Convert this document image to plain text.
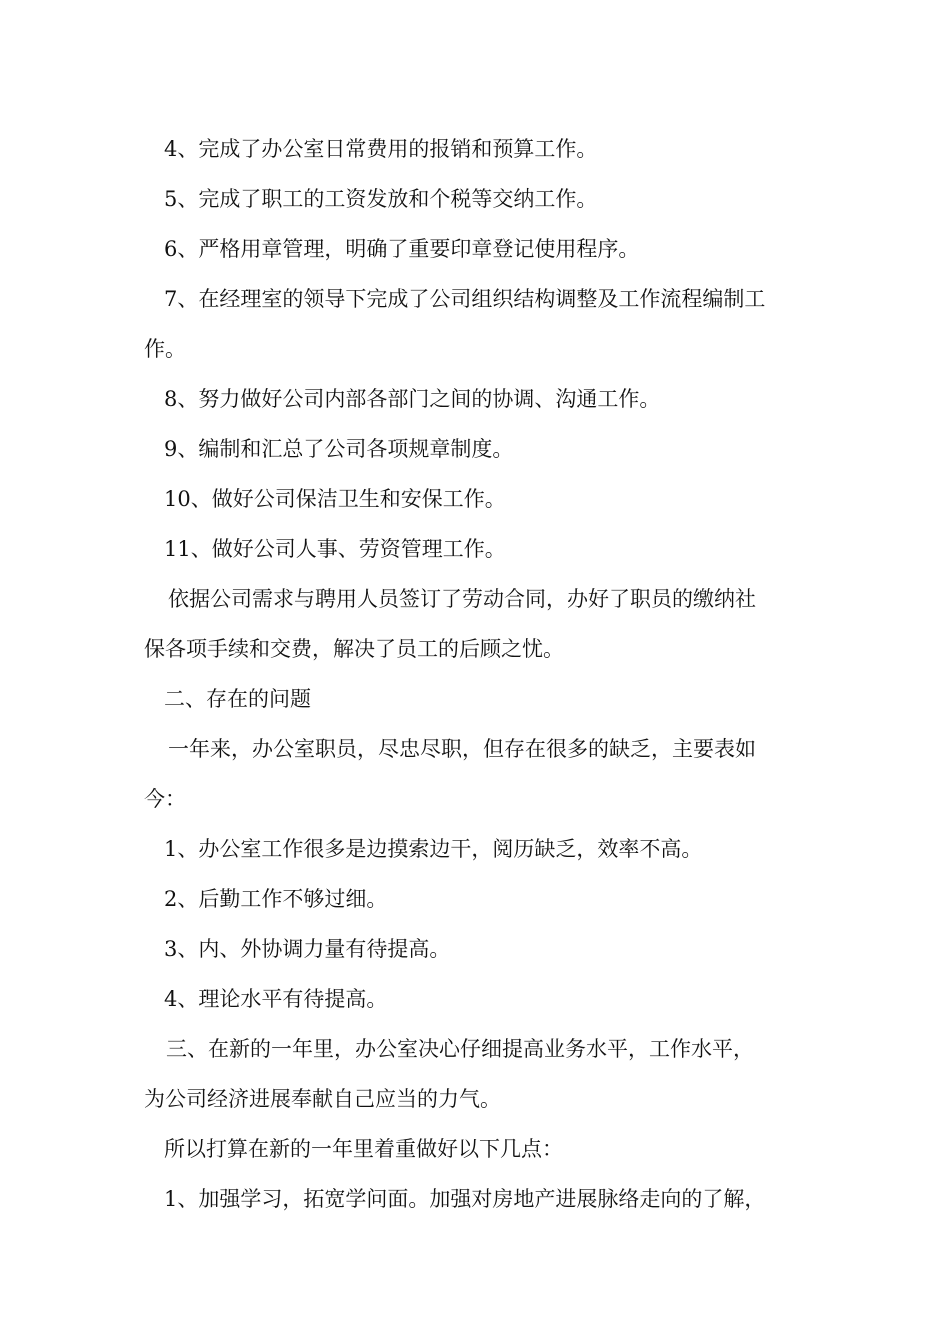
4、完成了办公室日常费用的报销和预算工作。

5、完成了职工的工资发放和个税等交纳工作。

6、严格用章管理，明确了重要印章登记使用程序。

7、在经理室的领导下完成了公司组织结构调整及工作流程编制工

作。

8、努力做好公司内部各部门之间的协调、沟通工作。

9、编制和汇总了公司各项规章制度。

10、做好公司保洁卫生和安保工作。

11、做好公司人事、劳资管理工作。

依据公司需求与聘用人员签订了劳动合同，办好了职员的缴纳社

保各项手续和交费，解决了员工的后顾之忧。

二、存在的问题

一年来，办公室职员，尽忠尽职，但存在很多的缺乏，主要表如

今：

1、办公室工作很多是边摸索边干，阅历缺乏，效率不高。

2、后勤工作不够过细。

3、内、外协调力量有待提高。

4、理论水平有待提高。

三、在新的一年里，办公室决心仔细提高业务水平，工作水平，

为公司经济进展奉献自己应当的力气。

所以打算在新的一年里着重做好以下几点：

1、加强学习，拓宽学问面。加强对房地产进展脉络走向的了解，
